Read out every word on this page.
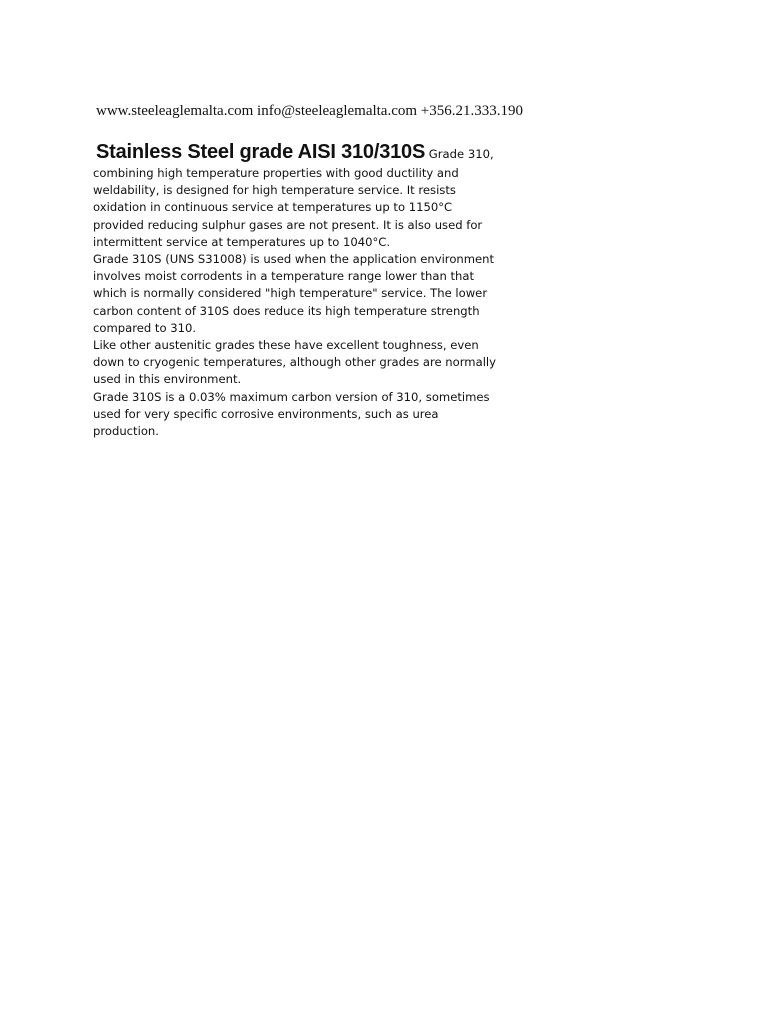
www.steeleaglemalta.com info@steeleaglemalta.com +356.21.333.190
Stainless Steel grade AISI 310/310S Grade 310,
combining high temperature properties with good ductility and
weldability, is designed for high temperature service. It resists
oxidation in continuous service at temperatures up to 1150°C
provided reducing sulphur gases are not present. It is also used for
intermittent service at temperatures up to 1040°C.
Grade 310S (UNS S31008) is used when the application environment
involves moist corrodents in a temperature range lower than that
which is normally considered "high temperature" service. The lower
carbon content of 310S does reduce its high temperature strength
compared to 310.
Like other austenitic grades these have excellent toughness, even
down to cryogenic temperatures, although other grades are normally
used in this environment.
Grade 310S is a 0.03% maximum carbon version of 310, sometimes
used for very specific corrosive environments, such as urea
production.
